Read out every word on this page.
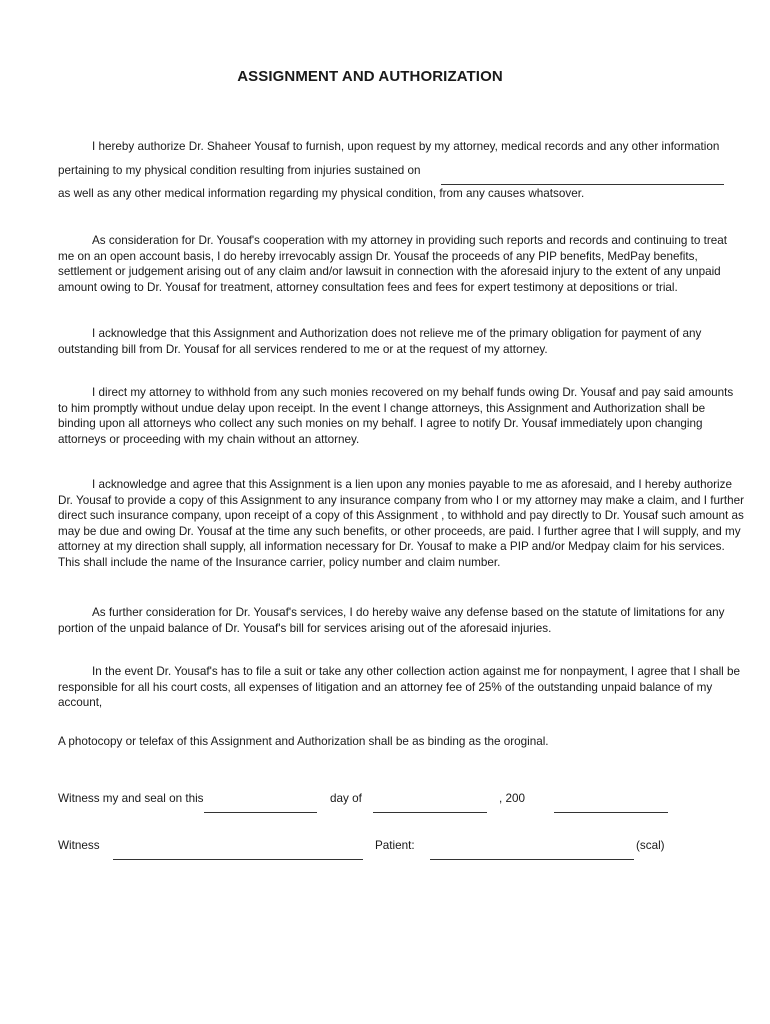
ASSIGNMENT AND AUTHORIZATION
I hereby authorize Dr. Shaheer Yousaf to furnish, upon request by my attorney, medical records and any other information
pertaining to my physical condition resulting from injuries sustained on
as well as any other medical information regarding my physical condition, from any causes whatsover.
As consideration for Dr. Yousaf's cooperation with my attorney in providing such reports and records and continuing to treat me on an open account basis, I do hereby irrevocably assign Dr. Yousaf the proceeds of any PIP benefits, MedPay benefits, settlement or judgement arising out of any claim and/or lawsuit in connection with the aforesaid injury to the extent of any unpaid amount owing to Dr. Yousaf for treatment, attorney consultation fees and fees for expert testimony at depositions or trial.
I acknowledge that this Assignment and Authorization does not relieve me of the primary obligation for payment of any outstanding bill from Dr. Yousaf for all services rendered to me or at the request of my attorney.
I direct my attorney to withhold from any such monies recovered on my behalf funds owing Dr. Yousaf and pay said amounts to him promptly without undue delay upon receipt. In the event I change attorneys, this Assignment and Authorization shall be binding upon all attorneys who collect any such monies on my behalf. I agree to notify Dr. Yousaf immediately upon changing attorneys or proceeding with my chain without an attorney.
I acknowledge and agree that this Assignment is a lien upon any monies payable to me as aforesaid, and I hereby authorize Dr. Yousaf to provide a copy of this Assignment to any insurance company from who I or my attorney may make a claim, and I further direct such insurance company, upon receipt of a copy of this Assignment , to withhold and pay directly to Dr. Yousaf such amount as may be due and owing Dr. Yousaf at the time any such benefits, or other proceeds, are paid. I further agree that I will supply, and my attorney at my direction shall supply, all information necessary for Dr. Yousaf to make a PIP and/or Medpay claim for his services. This shall include the name of the Insurance carrier, policy number and claim number.
As further consideration for Dr. Yousaf's services, I do hereby waive any defense based on the statute of limitations for any portion of the unpaid balance of Dr. Yousaf's bill for services arising out of the aforesaid injuries.
In the event Dr. Yousaf's has to file a suit or take any other collection action against me for nonpayment, I agree that I shall be responsible for all his court costs, all expenses of litigation and an attorney fee of 25% of the outstanding unpaid balance of my account,
A photocopy or telefax of this Assignment and Authorization shall be as binding as the oroginal.
Witness my and seal on this	day of	, 200
Witness	Patient:	(scal)
